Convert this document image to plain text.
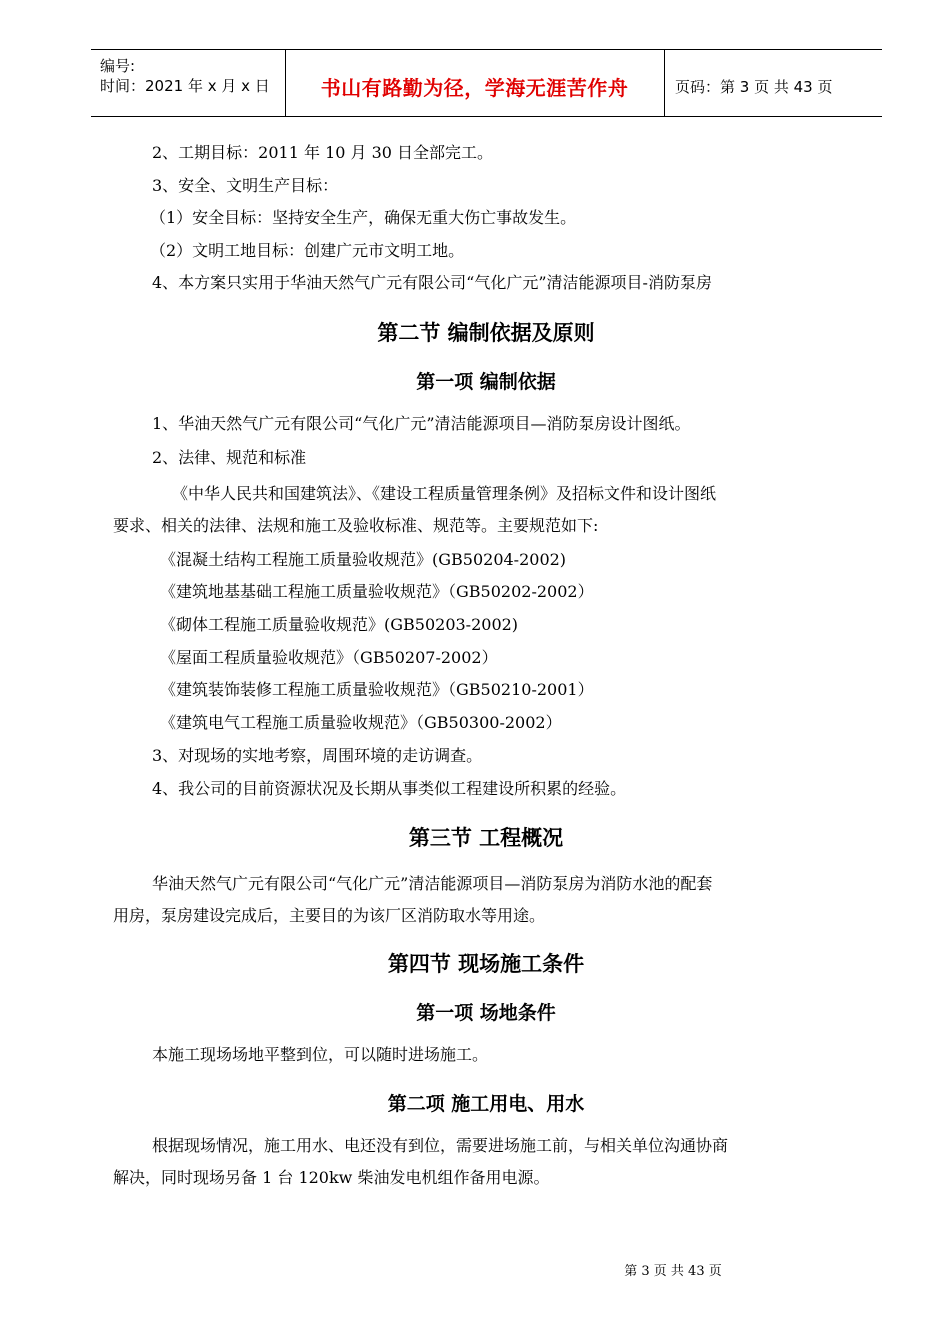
编号:
时间：2021 年 x 月 x 日	书山有路勤为径，学海无涯苦作舟	页码：第 3 页 共 43 页
2、工期目标：2011 年 10 月 30 日全部完工。
3、安全、文明生产目标：
（1）安全目标：坚持安全生产，确保无重大伤亡事故发生。
（2）文明工地目标：创建广元市文明工地。
4、本方案只实用于华油天然气广元有限公司“气化广元”清洁能源项目-消防泵房
第二节 编制依据及原则
第一项 编制依据
1、华油天然气广元有限公司“气化广元”清洁能源项目—消防泵房设计图纸。
2、法律、规范和标准
《中华人民共和国建筑法》、《建设工程质量管理条例》及招标文件和设计图纸
要求、相关的法律、法规和施工及验收标准、规范等。主要规范如下:
《混凝土结构工程施工质量验收规范》(GB50204-2002)
《建筑地基基础工程施工质量验收规范》（GB50202-2002）
《砌体工程施工质量验收规范》(GB50203-2002)
《屋面工程质量验收规范》（GB50207-2002）
《建筑装饰装修工程施工质量验收规范》（GB50210-2001）
《建筑电气工程施工质量验收规范》（GB50300-2002）
3、对现场的实地考察，周围环境的走访调查。
4、我公司的目前资源状况及长期从事类似工程建设所积累的经验。
第三节 工程概况
华油天然气广元有限公司“气化广元”清洁能源项目—消防泵房为消防水池的配套
用房，泵房建设完成后，主要目的为该厂区消防取水等用途。
第四节 现场施工条件
第一项 场地条件
本施工现场场地平整到位，可以随时进场施工。
第二项 施工用电、用水
根据现场情况，施工用水、电还没有到位，需要进场施工前，与相关单位沟通协商
解决，同时现场另备 1 台 120kw 柴油发电机组作备用电源。
第 3 页 共 43 页
